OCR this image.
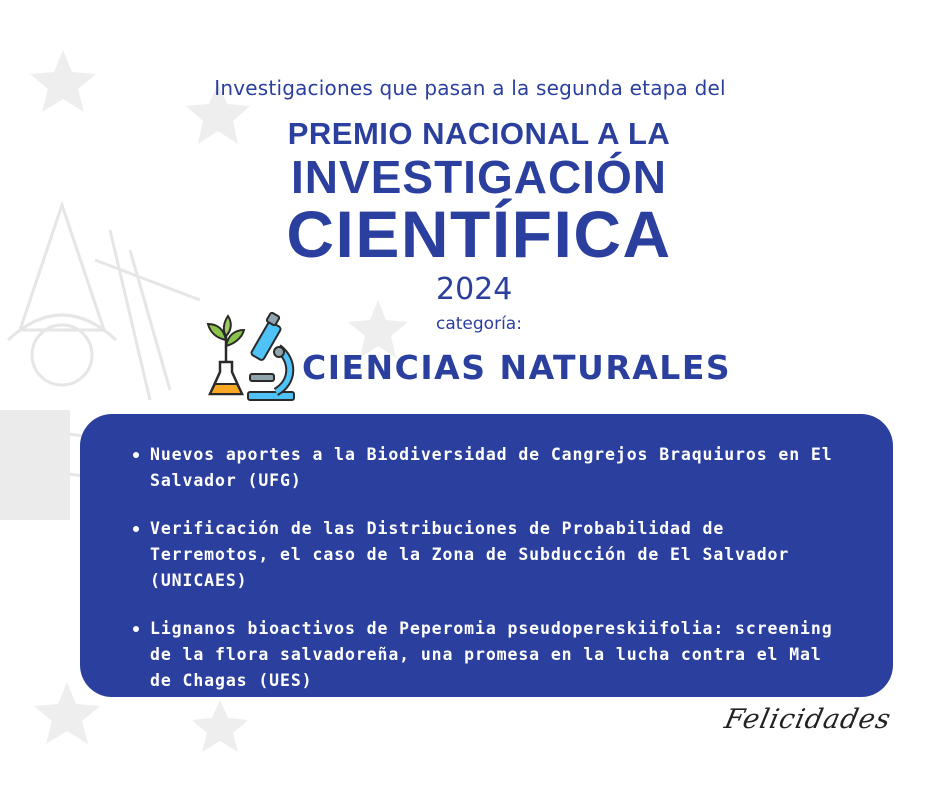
Investigaciones que pasan a la segunda etapa del
PREMIO NACIONAL A LA
INVESTIGACIÓN
CIENTÍFICA
2024
categoría:
CIENCIAS NATURALES
Nuevos aportes a la Biodiversidad de Cangrejos Braquiuros en El Salvador (UFG)
Verificación de las Distribuciones de Probabilidad de Terremotos, el caso de la Zona de Subducción de El Salvador (UNICAES)
Lignanos bioactivos de Peperomia pseudopereskiifolia: screening de la flora salvadoreña, una promesa en la lucha contra el Mal de Chagas (UES)
Felicidades
